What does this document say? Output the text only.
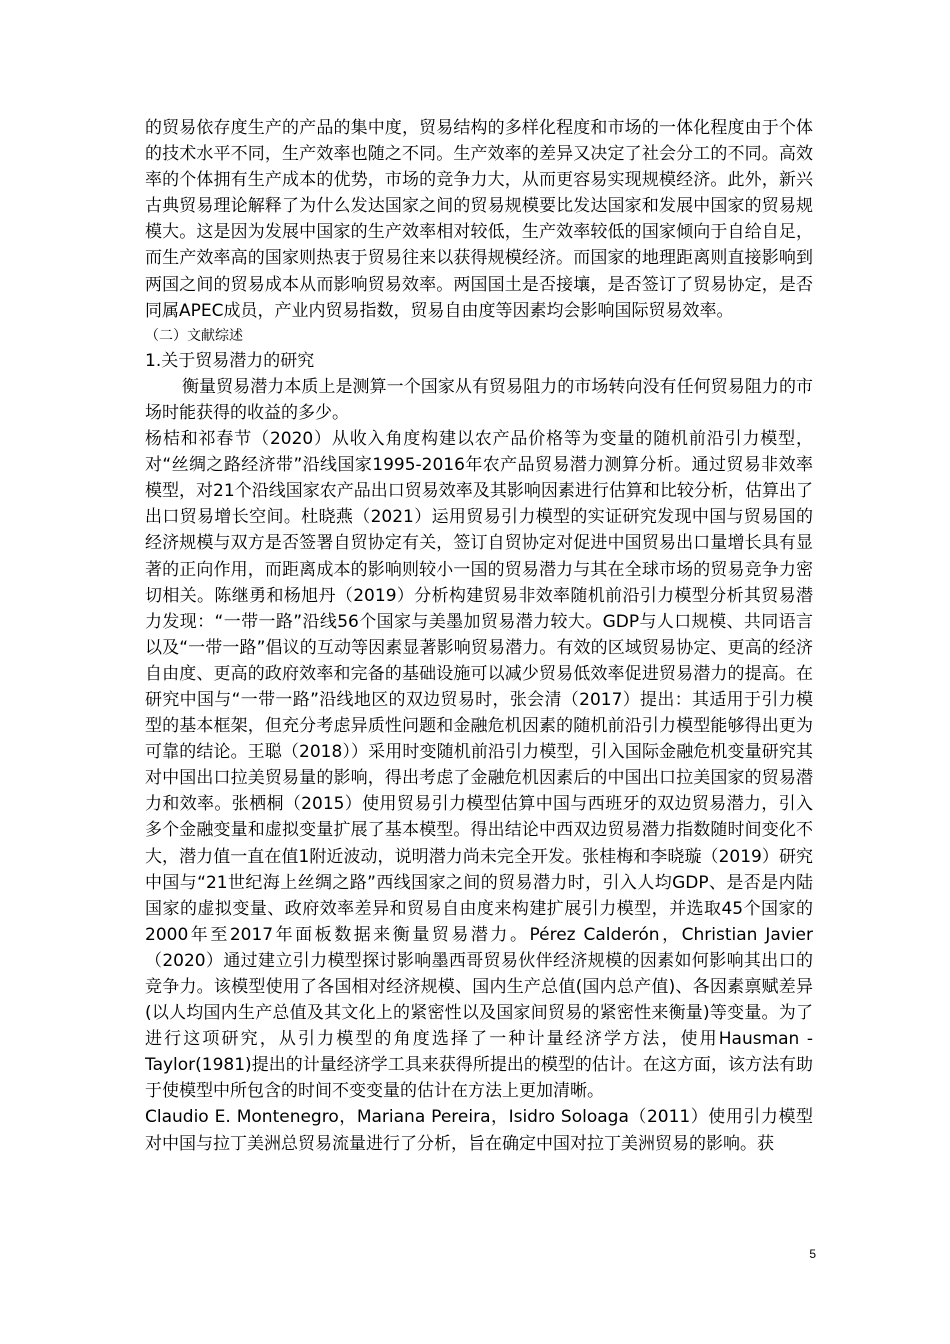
的贸易依存度生产的产品的集中度，贸易结构的多样化程度和市场的一体化程度由于个体的技术水平不同，生产效率也随之不同。生产效率的差异又决定了社会分工的不同。高效率的个体拥有生产成本的优势，市场的竞争力大，从而更容易实现规模经济。此外，新兴古典贸易理论解释了为什么发达国家之间的贸易规模要比发达国家和发展中国家的贸易规模大。这是因为发展中国家的生产效率相对较低，生产效率较低的国家倾向于自给自足，而生产效率高的国家则热衷于贸易往来以获得规模经济。而国家的地理距离则直接影响到两国之间的贸易成本从而影响贸易效率。两国国土是否接壤，是否签订了贸易协定，是否同属APEC成员，产业内贸易指数，贸易自由度等因素均会影响国际贸易效率。

（二）文献综述

1.关于贸易潜力的研究

衡量贸易潜力本质上是测算一个国家从有贸易阻力的市场转向没有任何贸易阻力的市场时能获得的收益的多少。

杨桔和祁春节（2020）从收入角度构建以农产品价格等为变量的随机前沿引力模型，对“丝绸之路经济带”沿线国家1995-2016年农产品贸易潜力测算分析。通过贸易非效率模型，对21个沿线国家农产品出口贸易效率及其影响因素进行估算和比较分析，估算出了出口贸易增长空间。杜晓燕（2021）运用贸易引力模型的实证研究发现中国与贸易国的经济规模与双方是否签署自贸协定有关，签订自贸协定对促进中国贸易出口量增长具有显著的正向作用，而距离成本的影响则较小一国的贸易潜力与其在全球市场的贸易竞争力密切相关。陈继勇和杨旭丹（2019）分析构建贸易非效率随机前沿引力模型分析其贸易潜力发现：“一带一路”沿线56个国家与美墨加贸易潜力较大。GDP与人口规模、共同语言以及“一带一路”倡议的互动等因素显著影响贸易潜力。有效的区域贸易协定、更高的经济自由度、更高的政府效率和完备的基础设施可以减少贸易低效率促进贸易潜力的提高。在研究中国与“一带一路”沿线地区的双边贸易时，张会清（2017）提出：其适用于引力模型的基本框架，但充分考虑异质性问题和金融危机因素的随机前沿引力模型能够得出更为可靠的结论。王聪（2018））采用时变随机前沿引力模型，引入国际金融危机变量研究其对中国出口拉美贸易量的影响，得出考虑了金融危机因素后的中国出口拉美国家的贸易潜力和效率。张栖桐（2015）使用贸易引力模型估算中国与西班牙的双边贸易潜力，引入多个金融变量和虚拟变量扩展了基本模型。得出结论中西双边贸易潜力指数随时间变化不大，潜力值一直在值1附近波动，说明潜力尚未完全开发。张桂梅和李晓璇（2019）研究中国与“21世纪海上丝绸之路”西线国家之间的贸易潜力时，引入人均GDP、是否是内陆国家的虚拟变量、政府效率差异和贸易自由度来构建扩展引力模型，并选取45个国家的2000年至2017年面板数据来衡量贸易潜力。Pérez Calderón，Christian Javier（2020）通过建立引力模型探讨影响墨西哥贸易伙伴经济规模的因素如何影响其出口的竞争力。该模型使用了各国相对经济规模、国内生产总值(国内总产值)、各因素禀赋差异(以人均国内生产总值及其文化上的紧密性以及国家间贸易的紧密性来衡量)等变量。为了进行这项研究，从引力模型的角度选择了一种计量经济学方法，使用Hausman - Taylor(1981)提出的计量经济学工具来获得所提出的模型的估计。在这方面，该方法有助于使模型中所包含的时间不变变量的估计在方法上更加清晰。

Claudio E. Montenegro，Mariana Pereira，Isidro Soloaga（2011）使用引力模型对中国与拉丁美洲总贸易流量进行了分析，旨在确定中国对拉丁美洲贸易的影响。获

5
